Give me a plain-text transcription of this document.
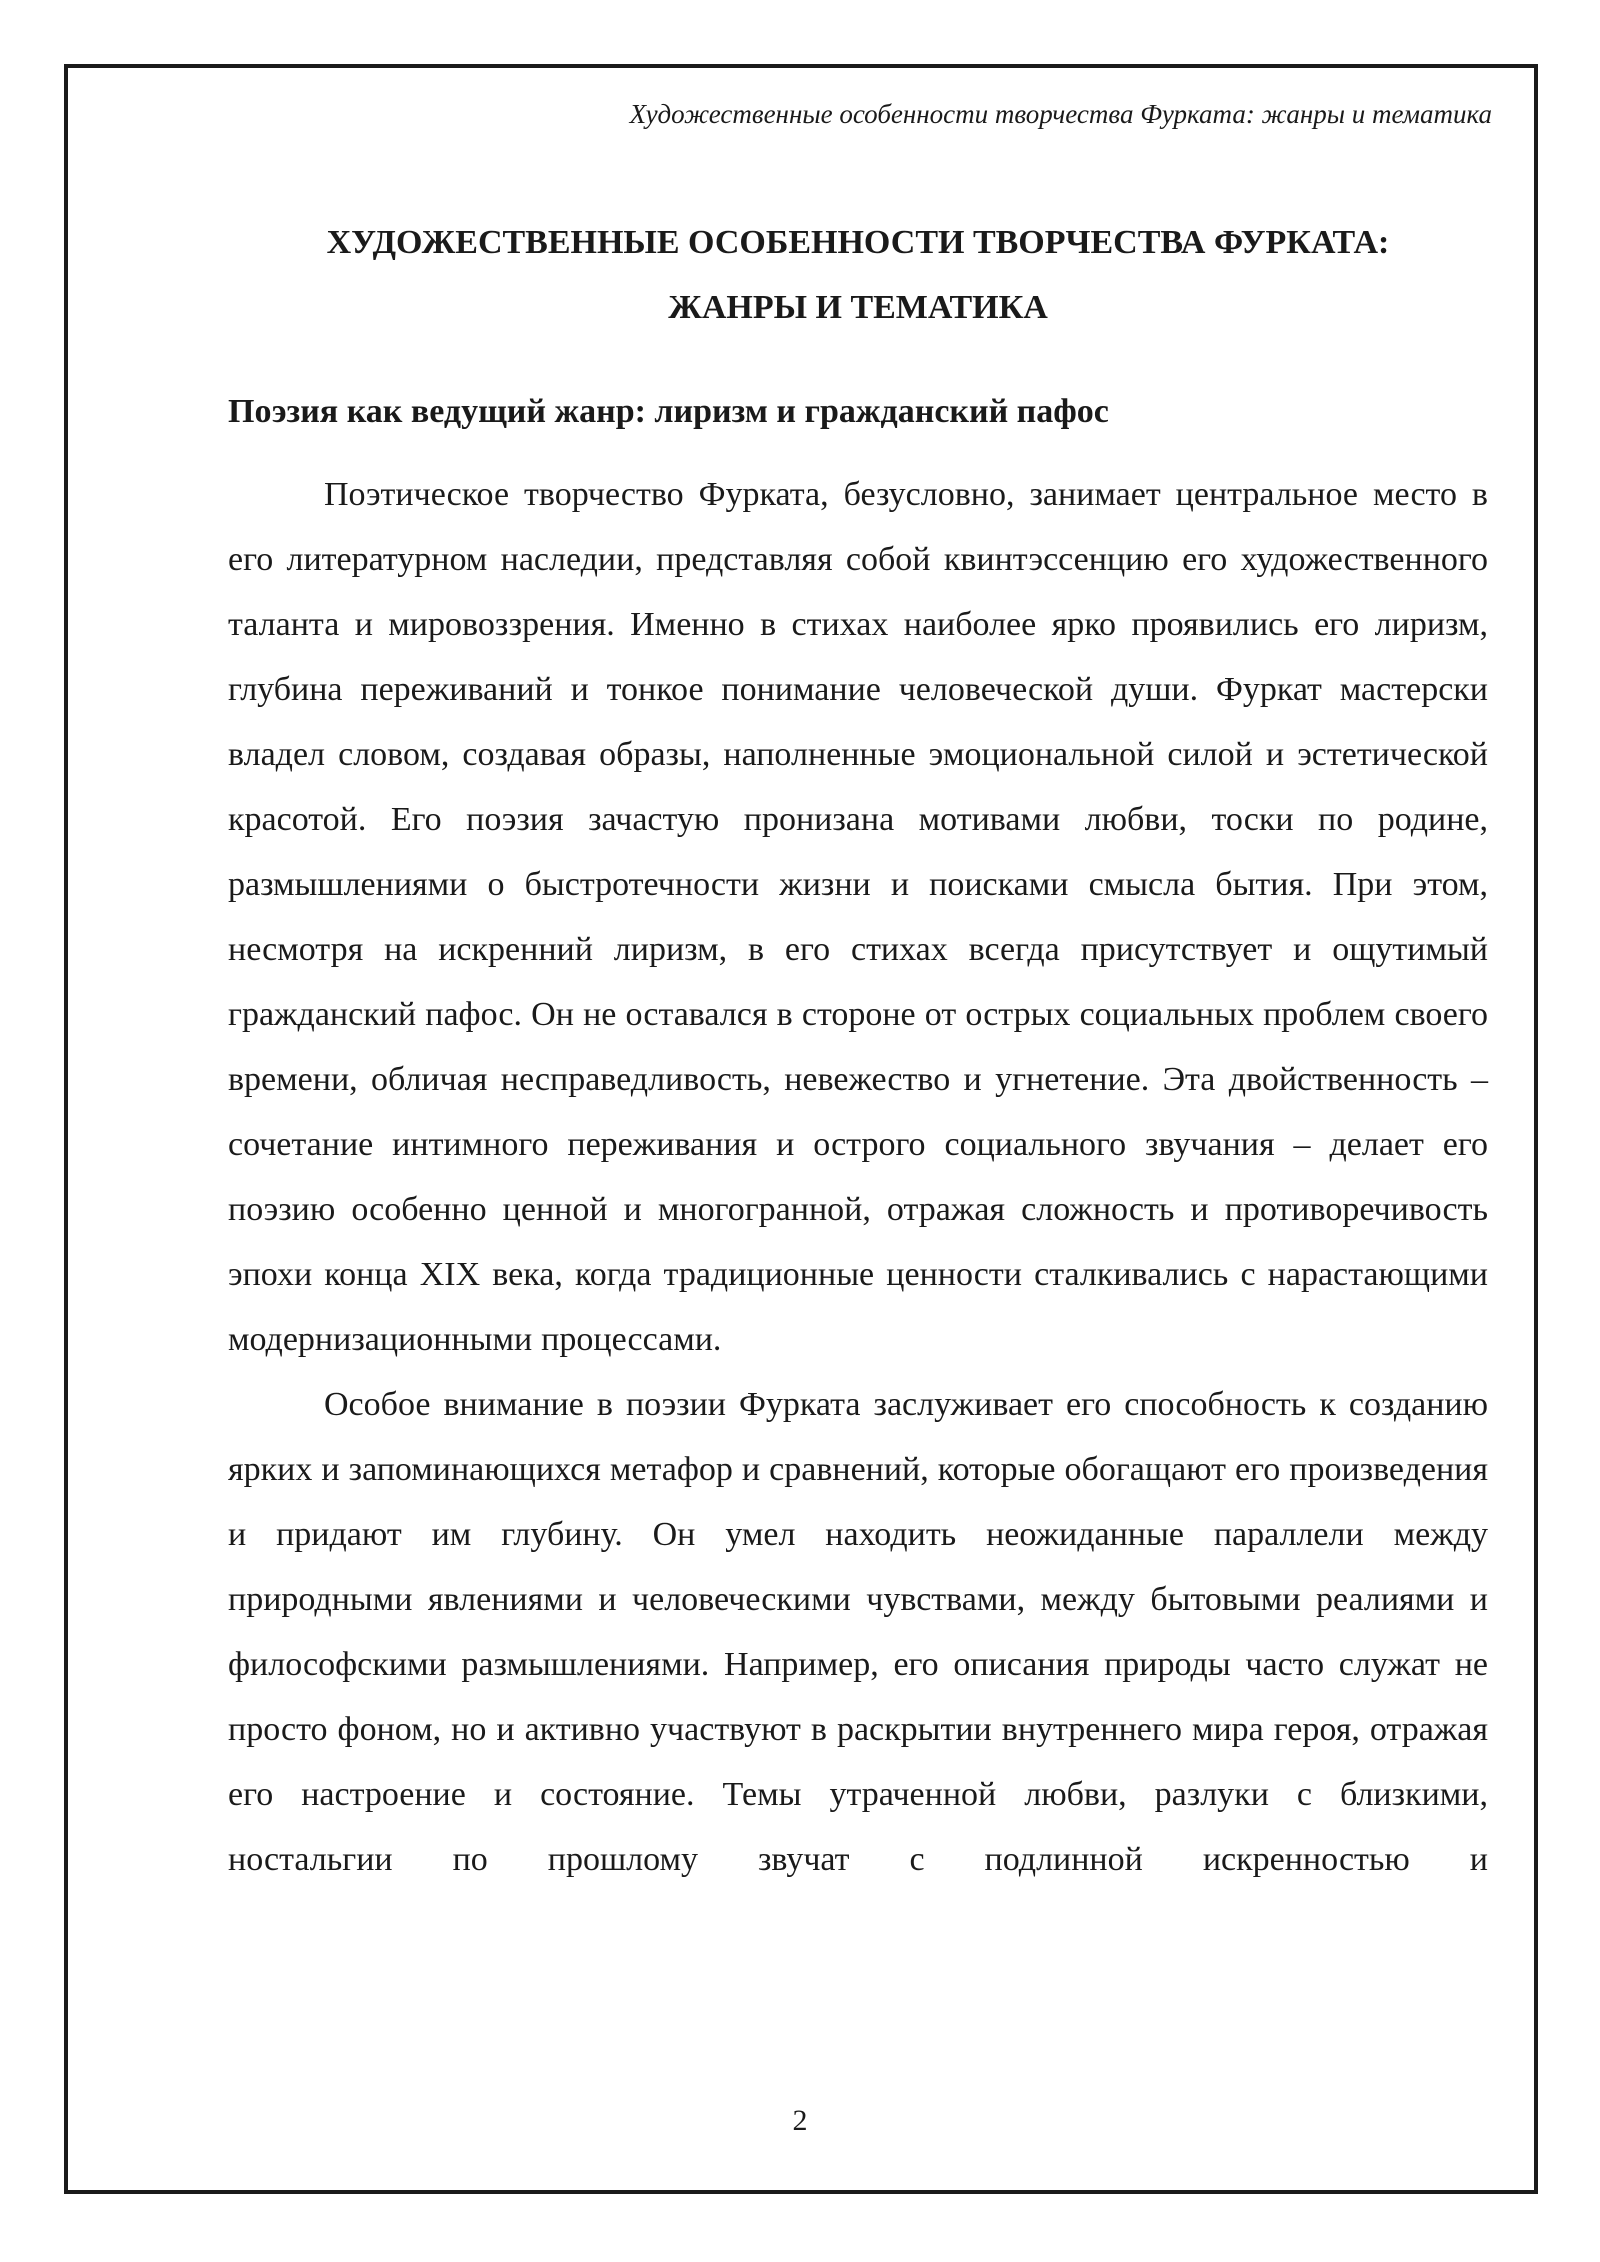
Художественные особенности творчества Фурката: жанры и тематика
ХУДОЖЕСТВЕННЫЕ ОСОБЕННОСТИ ТВОРЧЕСТВА ФУРКАТА:
ЖАНРЫ И ТЕМАТИКА
Поэзия как ведущий жанр: лиризм и гражданский пафос

Поэтическое творчество Фурката, безусловно, занимает центральное место в его литературном наследии, представляя собой квинтэссенцию его художественного таланта и мировоззрения. Именно в стихах наиболее ярко проявились его лиризм, глубина переживаний и тонкое понимание человеческой души. Фуркат мастерски владел словом, создавая образы, наполненные эмоциональной силой и эстетической красотой. Его поэзия зачастую пронизана мотивами любви, тоски по родине, размышлениями о быстротечности жизни и поисками смысла бытия. При этом, несмотря на искренний лиризм, в его стихах всегда присутствует и ощутимый гражданский пафос. Он не оставался в стороне от острых социальных проблем своего времени, обличая несправедливость, невежество и угнетение. Эта двойственность – сочетание интимного переживания и острого социального звучания – делает его поэзию особенно ценной и многогранной, отражая сложность и противоречивость эпохи конца XIX века, когда традиционные ценности сталкивались с нарастающими модернизационными процессами.

Особое внимание в поэзии Фурката заслуживает его способность к созданию ярких и запоминающихся метафор и сравнений, которые обогащают его произведения и придают им глубину. Он умел находить неожиданные параллели между природными явлениями и человеческими чувствами, между бытовыми реалиями и философскими размышлениями. Например, его описания природы часто служат не просто фоном, но и активно участвуют в раскрытии внутреннего мира героя, отражая его настроение и состояние. Темы утраченной любви, разлуки с близкими, ностальгии по прошлому звучат с подлинной искренностью и

2
